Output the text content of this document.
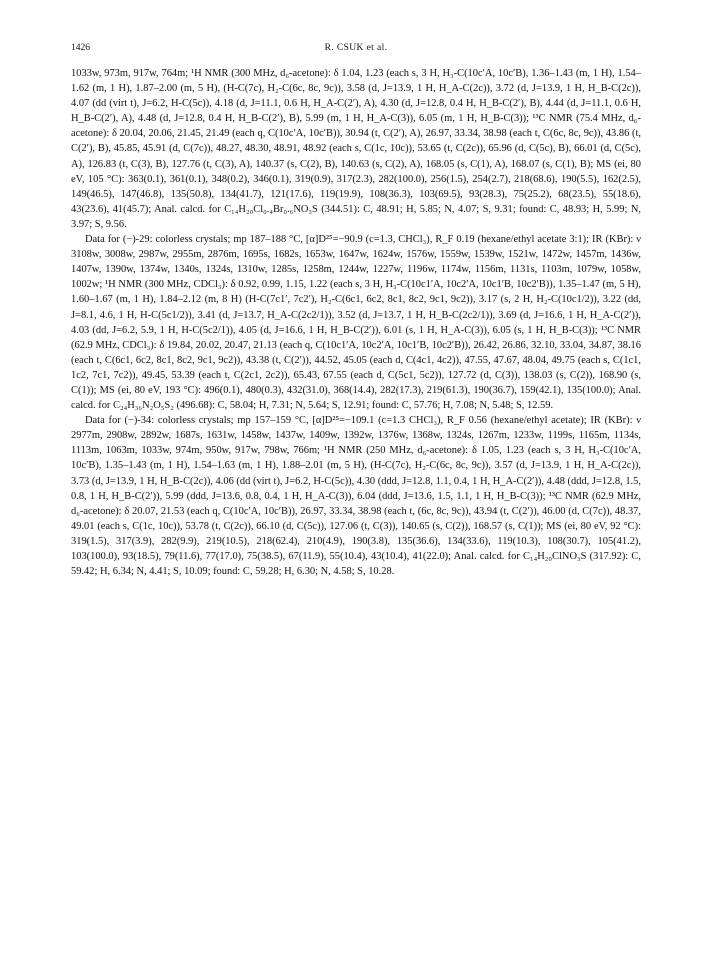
1426	R. CSUK et al.

1033w, 973m, 917w, 764m; ¹H NMR (300 MHz, d₆-acetone): δ 1.04, 1.23 (each s, 3 H, H₃-C(10c′A, 10c′B), 1.36–1.43 (m, 1 H), 1.54–1.62 (m, 1 H), 1.87–2.00 (m, 5 H), (H-C(7c), H₂-C(6c, 8c, 9c)), 3.58 (d, J=13.9, 1 H, H_A-C(2c)), 3.72 (d, J=13.9, 1 H, H_B-C(2c)), 4.07 (dd (virt t), J=6.2, H-C(5c)), 4.18 (d, J=11.1, 0.6 H, H_A-C(2′), A), 4.30 (d, J=12.8, 0.4 H, H_B-C(2′), B), 4.44 (d, J=11.1, 0.6 H, H_B-C(2′), A), 4.48 (d, J=12.8, 0.4 H, H_B-C(2′), B), 5.99 (m, 1 H, H_A-C(3)), 6.05 (m, 1 H, H_B-C(3)); ¹³C NMR (75.4 MHz, d₆-acetone): δ 20.04, 20.06, 21.45, 21.49 (each q, C(10c′A, 10c′B)), 30.94 (t, C(2′), A), 26.97, 33.34, 38.98 (each t, C(6c, 8c, 9c)), 43.86 (t, C(2′), B), 45.85, 45.91 (d, C(7c)), 48.27, 48.30, 48.91, 48.92 (each s, C(1c, 10c)), 53.65 (t, C(2c)), 65.96 (d, C(5c), B), 66.01 (d, C(5c), A), 126.83 (t, C(3), B), 127.76 (t, C(3), A), 140.37 (s, C(2), B), 140.63 (s, C(2), A), 168.05 (s, C(1), A), 168.07 (s, C(1), B); MS (ei, 80 eV, 105 °C): 363(0.1), 361(0.1), 348(0.2), 346(0.1), 319(0.9), 317(2.3), 282(100.0), 256(1.5), 254(2.7), 218(68.6), 190(5.5), 162(2.5), 149(46.5), 147(46.8), 135(50.8), 134(41.7), 121(17.6), 119(19.9), 108(36.3), 103(69.5), 93(28.3), 75(25.2), 68(23.5), 55(18.6), 43(23.6), 41(45.7); Anal. calcd. for C₁₄H₂₀Cl₀.₄Br₀.₆NO₃S (344.51): C, 48.91; H, 5.85; N, 4.07; S, 9.31; found: C, 48.93; H, 5.99; N, 3.97; S, 9.56.

Data for (−)-29: colorless crystals; mp 187–188 °C, [α]D²⁵=−90.9 (c=1.3, CHCl₃), R_F 0.19 (hexane/ethyl acetate 3:1); IR (KBr): ν 3108w, 3008w, 2987w, 2955m, 2876m, 1695s, 1682s, 1653w, 1647w, 1624w, 1576w, 1559w, 1539w, 1521w, 1472w, 1457m, 1436w, 1407w, 1390w, 1374w, 1340s, 1324s, 1310w, 1285s, 1258m, 1244w, 1227w, 1196w, 1174w, 1156m, 1131s, 1103m, 1079w, 1058w, 1002w; ¹H NMR (300 MHz, CDCl₃): δ 0.92, 0.99, 1.15, 1.22 (each s, 3 H, H₃-C(10c1′A, 10c2′A, 10c1′B, 10c2′B)), 1.35–1.47 (m, 5 H), 1.60–1.67 (m, 1 H), 1.84–2.12 (m, 8 H) (H-C(7c1′, 7c2′), H₂-C(6c1, 6c2, 8c1, 8c2, 9c1, 9c2)), 3.17 (s, 2 H, H₂-C(10c1/2)), 3.22 (dd, J=8.1, 4.6, 1 H, H-C(5c1/2)), 3.41 (d, J=13.7, H_A-C(2c2/1)), 3.52 (d, J=13.7, 1 H, H_B-C(2c2/1)), 3.69 (d, J=16.6, 1 H, H_A-C(2′)), 4.03 (dd, J=6.2, 5.9, 1 H, H-C(5c2/1)), 4.05 (d, J=16.6, 1 H, H_B-C(2′)), 6.01 (s, 1 H, H_A-C(3)), 6.05 (s, 1 H, H_B-C(3)); ¹³C NMR (62.9 MHz, CDCl₃): δ 19.84, 20.02, 20.47, 21.13 (each q, C(10c1′A, 10c2′A, 10c1′B, 10c2′B)), 26.42, 26.86, 32.10, 33.04, 34.87, 38.16 (each t, C(6c1, 6c2, 8c1, 8c2, 9c1, 9c2)), 43.38 (t, C(2′)), 44.52, 45.05 (each d, C(4c1, 4c2)), 47.55, 47.67, 48.04, 49.75 (each s, C(1c1, 1c2, 7c1, 7c2)), 49.45, 53.39 (each t, C(2c1, 2c2)), 65.43, 67.55 (each d, C(5c1, 5c2)), 127.72 (d, C(3)), 138.03 (s, C(2)), 168.90 (s, C(1)); MS (ei, 80 eV, 193 °C): 496(0.1), 480(0.3), 432(31.0), 368(14.4), 282(17.3), 219(61.3), 190(36.7), 159(42.1), 135(100.0); Anal. calcd. for C₂₄H₃₆N₂O₅S₂ (496.68): C, 58.04; H, 7.31; N, 5.64; S, 12.91; found: C, 57.76; H, 7.08; N, 5.48; S, 12.59.

Data for (−)-34: colorless crystals; mp 157–159 °C, [α]D²⁵=−109.1 (c=1.3 CHCl₃), R_F 0.56 (hexane/ethyl acetate); IR (KBr): ν 2977m, 2908w, 2892w, 1687s, 1631w, 1458w, 1437w, 1409w, 1392w, 1376w, 1368w, 1324s, 1267m, 1233w, 1199s, 1165m, 1134s, 1113m, 1063m, 1033w, 974m, 950w, 917w, 798w, 766m; ¹H NMR (250 MHz, d₆-acetone): δ 1.05, 1.23 (each s, 3 H, H₃-C(10c′A, 10c′B), 1.35–1.43 (m, 1 H), 1.54–1.63 (m, 1 H), 1.88–2.01 (m, 5 H), (H-C(7c), H₂-C(6c, 8c, 9c)), 3.57 (d, J=13.9, 1 H, H_A-C(2c)), 3.73 (d, J=13.9, 1 H, H_B-C(2c)), 4.06 (dd (virt t), J=6.2, H-C(5c)), 4.30 (ddd, J=12.8, 1.1, 0.4, 1 H, H_A-C(2′)), 4.48 (ddd, J=12.8, 1.5, 0.8, 1 H, H_B-C(2′)), 5.99 (ddd, J=13.6, 0.8, 0.4, 1 H, H_A-C(3)), 6.04 (ddd, J=13.6, 1.5, 1.1, 1 H, H_B-C(3)); ¹³C NMR (62.9 MHz, d₆-acetone): δ 20.07, 21.53 (each q, C(10c′A, 10c′B)), 26.97, 33.34, 38.98 (each t, (6c, 8c, 9c)), 43.94 (t, C(2′)), 46.00 (d, C(7c)), 48.37, 49.01 (each s, C(1c, 10c)), 53.78 (t, C(2c)), 66.10 (d, C(5c)), 127.06 (t, C(3)), 140.65 (s, C(2)), 168.57 (s, C(1)); MS (ei, 80 eV, 92 °C): 319(1.5), 317(3.9), 282(9.9), 219(10.5), 218(62.4), 210(4.9), 190(3.8), 135(36.6), 134(33.6), 119(10.3), 108(30.7), 105(41.2), 103(100.0), 93(18.5), 79(11.6), 77(17.0), 75(38.5), 67(11.9), 55(10.4), 43(10.4), 41(22.0); Anal. calcd. for C₁₄H₂₀ClNO₃S (317.92): C, 59.42; H, 6.34; N, 4.41; S, 10.09; found: C, 59.28; H, 6.30; N, 4.58; S, 10.28.
